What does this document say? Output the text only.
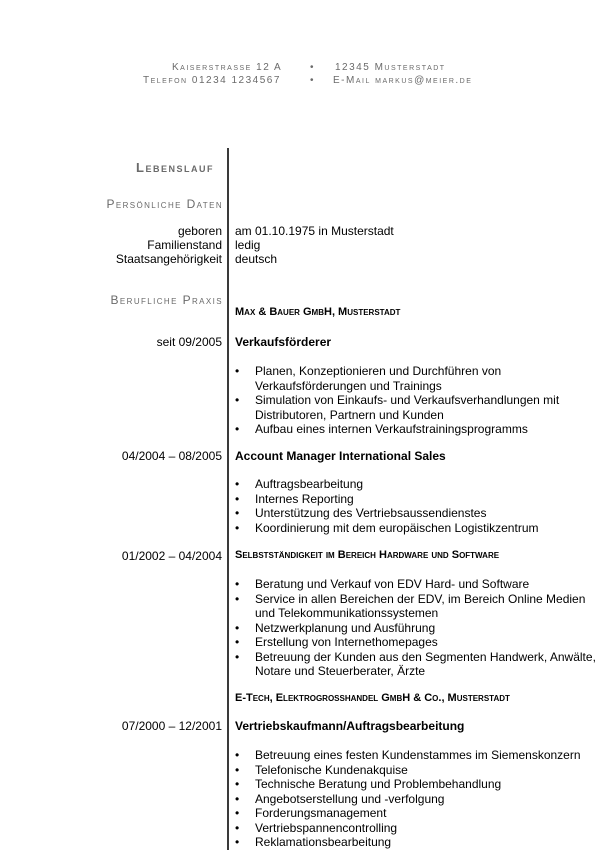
Kaiserstrasse 12 A	• 12345 Musterstadt
Telefon 01234 1234567	• E-Mail markus@meier.de
Lebenslauf
Persönliche Daten
geboren am 01.10.1975 in Musterstadt
Familienstand ledig
Staatsangehörigkeit deutsch
Berufliche Praxis
Max & Bauer GmbH, Musterstadt
seit 09/2005 Verkaufsförderer
• Planen, Konzeptionieren und Durchführen von Verkaufsförderungen und Trainings
• Simulation von Einkaufs- und Verkaufsverhandlungen mit Distributoren, Partnern und Kunden
• Aufbau eines internen Verkaufstrainingsprogramms
04/2004 – 08/2005 Account Manager International Sales
• Auftragsbearbeitung
• Internes Reporting
• Unterstützung des Vertriebsaussendienstes
• Koordinierung mit dem europäischen Logistikzentrum
01/2002 – 04/2004 Selbstständigkeit im Bereich Hardware und Software
• Beratung und Verkauf von EDV Hard- und Software
• Service in allen Bereichen der EDV, im Bereich Online Medien und Telekommunikationssystemen
• Netzwerkplanung und Ausführung
• Erstellung von Internethomepages
• Betreuung der Kunden aus den Segmenten Handwerk, Anwälte, Notare und Steuerberater, Ärzte
E-Tech, Elektrogrosshandel GmbH & Co., Musterstadt
07/2000 – 12/2001 Vertriebskaufmann/Auftragsbearbeitung
• Betreuung eines festen Kundenstammes im Siemenskonzern
• Telefonische Kundenakquise
• Technische Beratung und Problembehandlung
• Angebotserstellung und -verfolgung
• Forderungsmanagement
• Vertriebspannencontrolling
• Reklamationsbearbeitung
